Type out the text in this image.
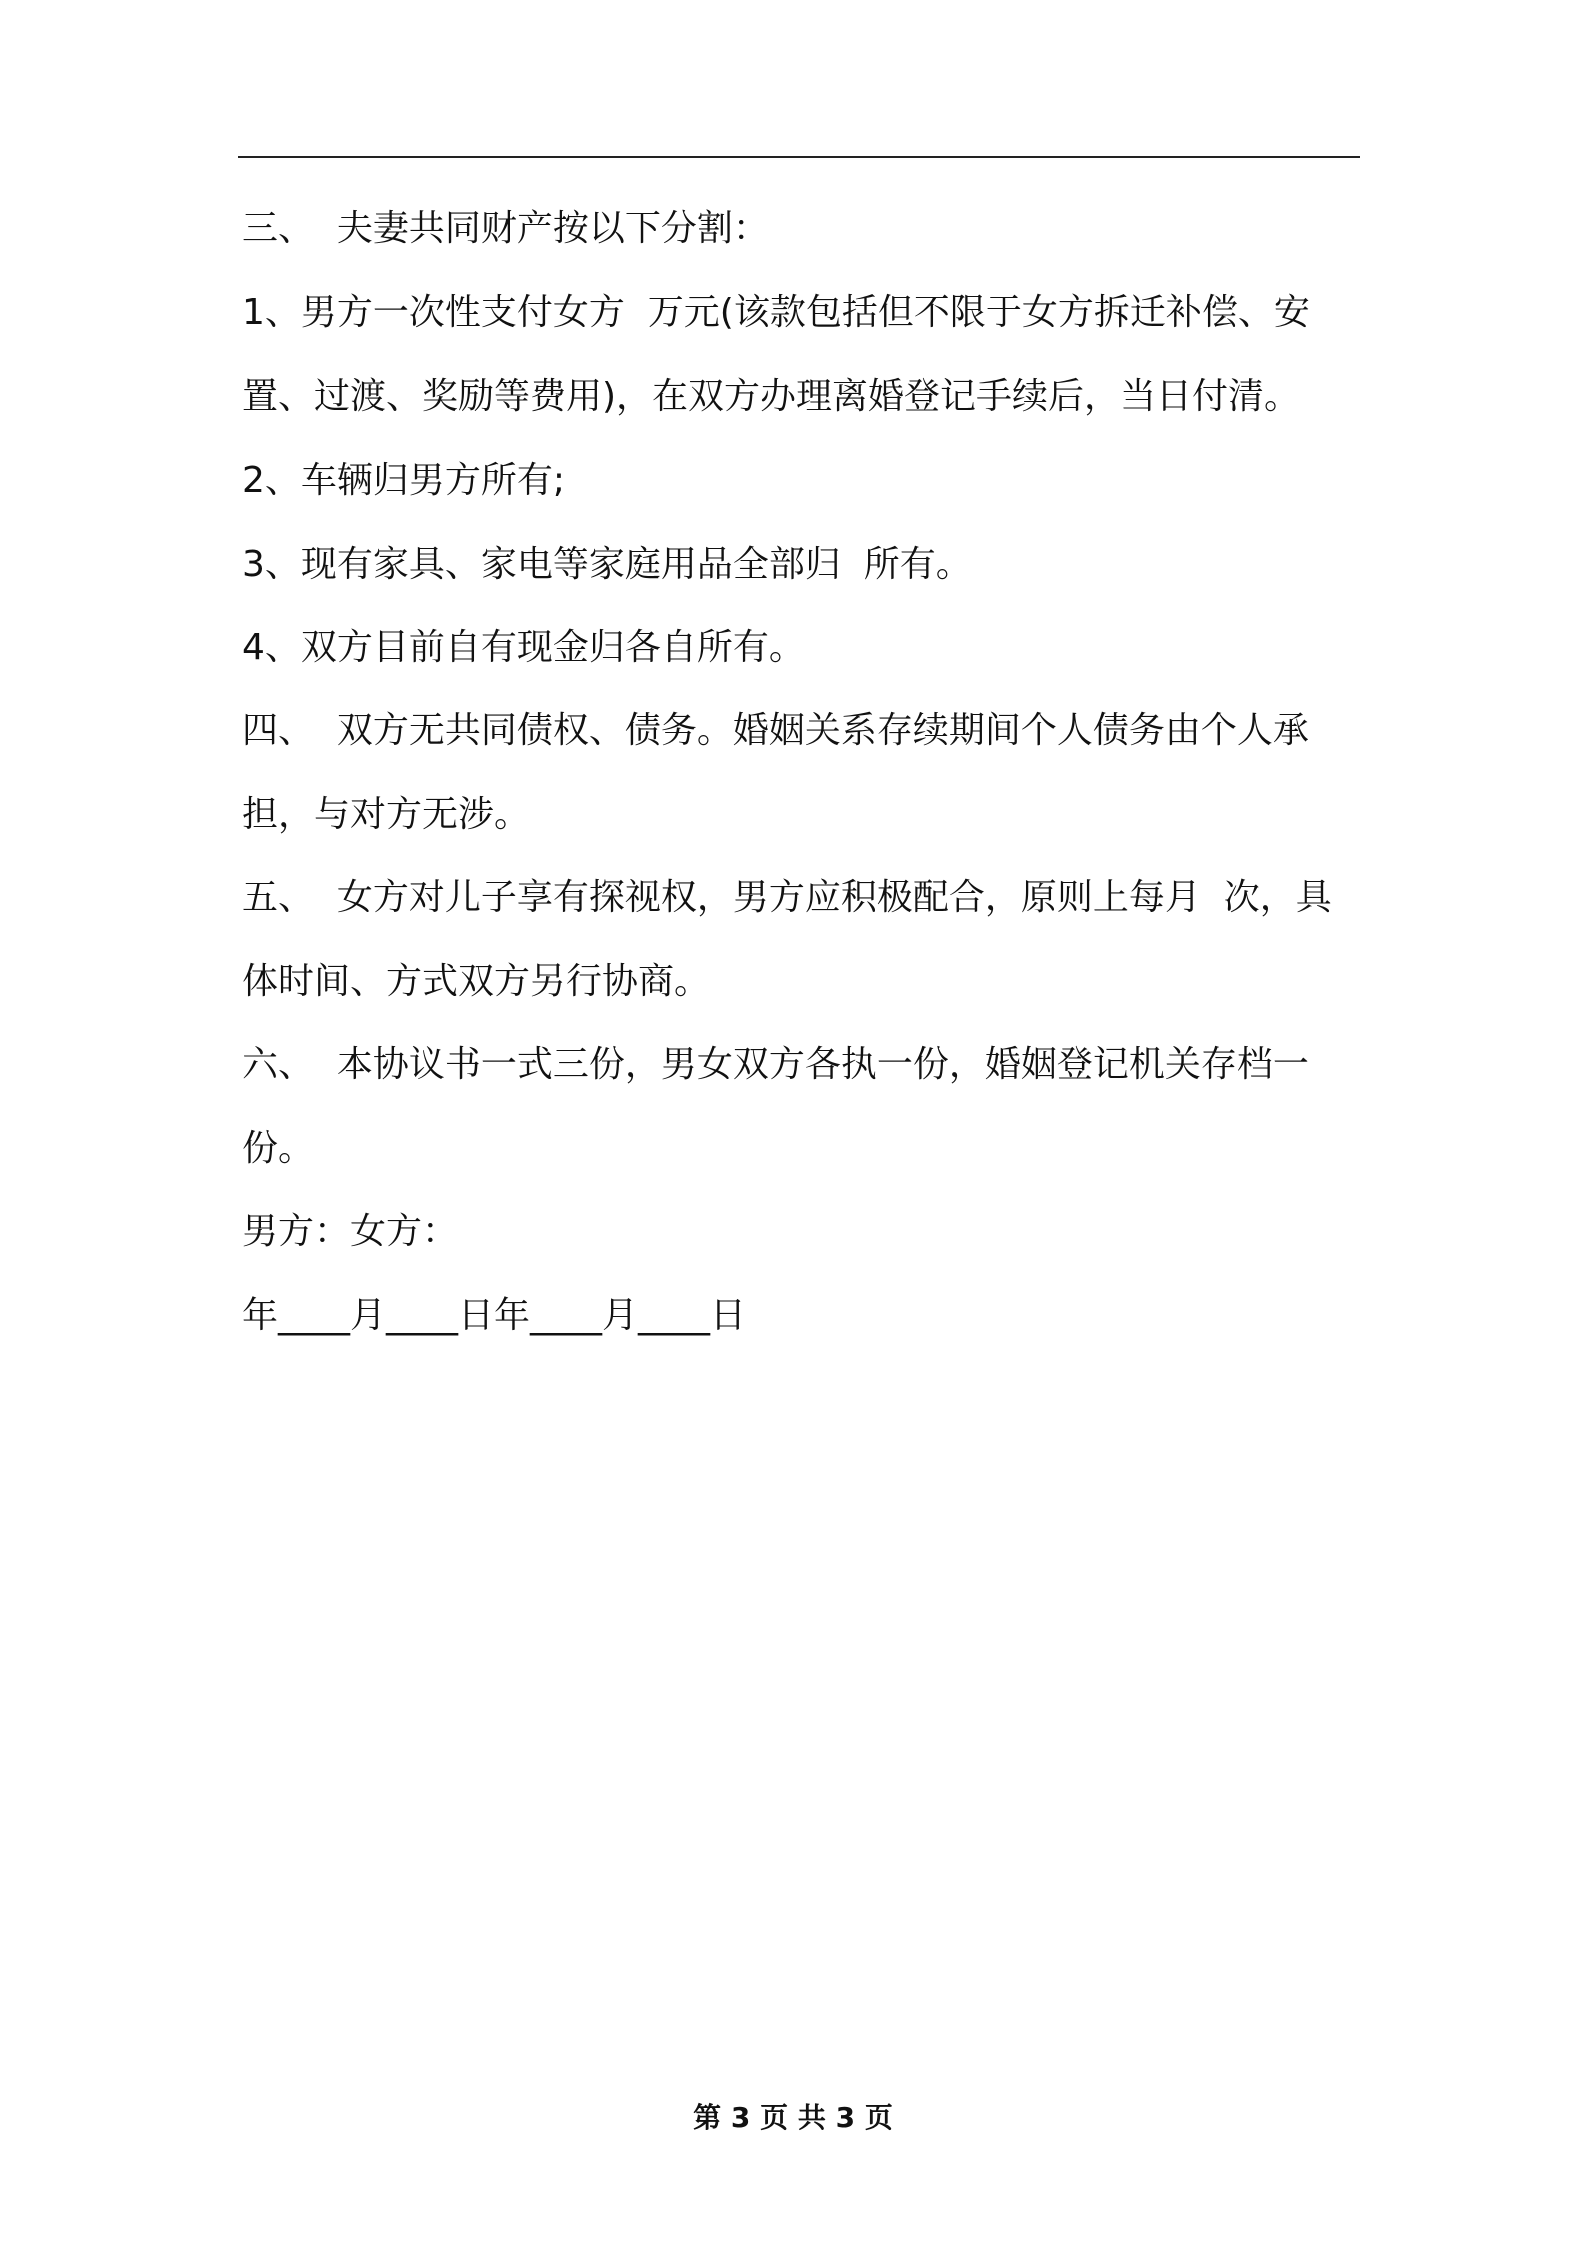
三、  夫妻共同财产按以下分割：
1、男方一次性支付女方  万元(该款包括但不限于女方拆迁补偿、安
置、过渡、奖励等费用)，在双方办理离婚登记手续后，当日付清。
2、车辆归男方所有;
3、现有家具、家电等家庭用品全部归  所有。
4、双方目前自有现金归各自所有。
四、  双方无共同债权、债务。婚姻关系存续期间个人债务由个人承
担，与对方无涉。
五、  女方对儿子享有探视权，男方应积极配合，原则上每月  次，具
体时间、方式双方另行协商。
六、  本协议书一式三份，男女双方各执一份，婚姻登记机关存档一
份。
男方：女方：
年____月____日年____月____日
第 3 页 共 3 页
